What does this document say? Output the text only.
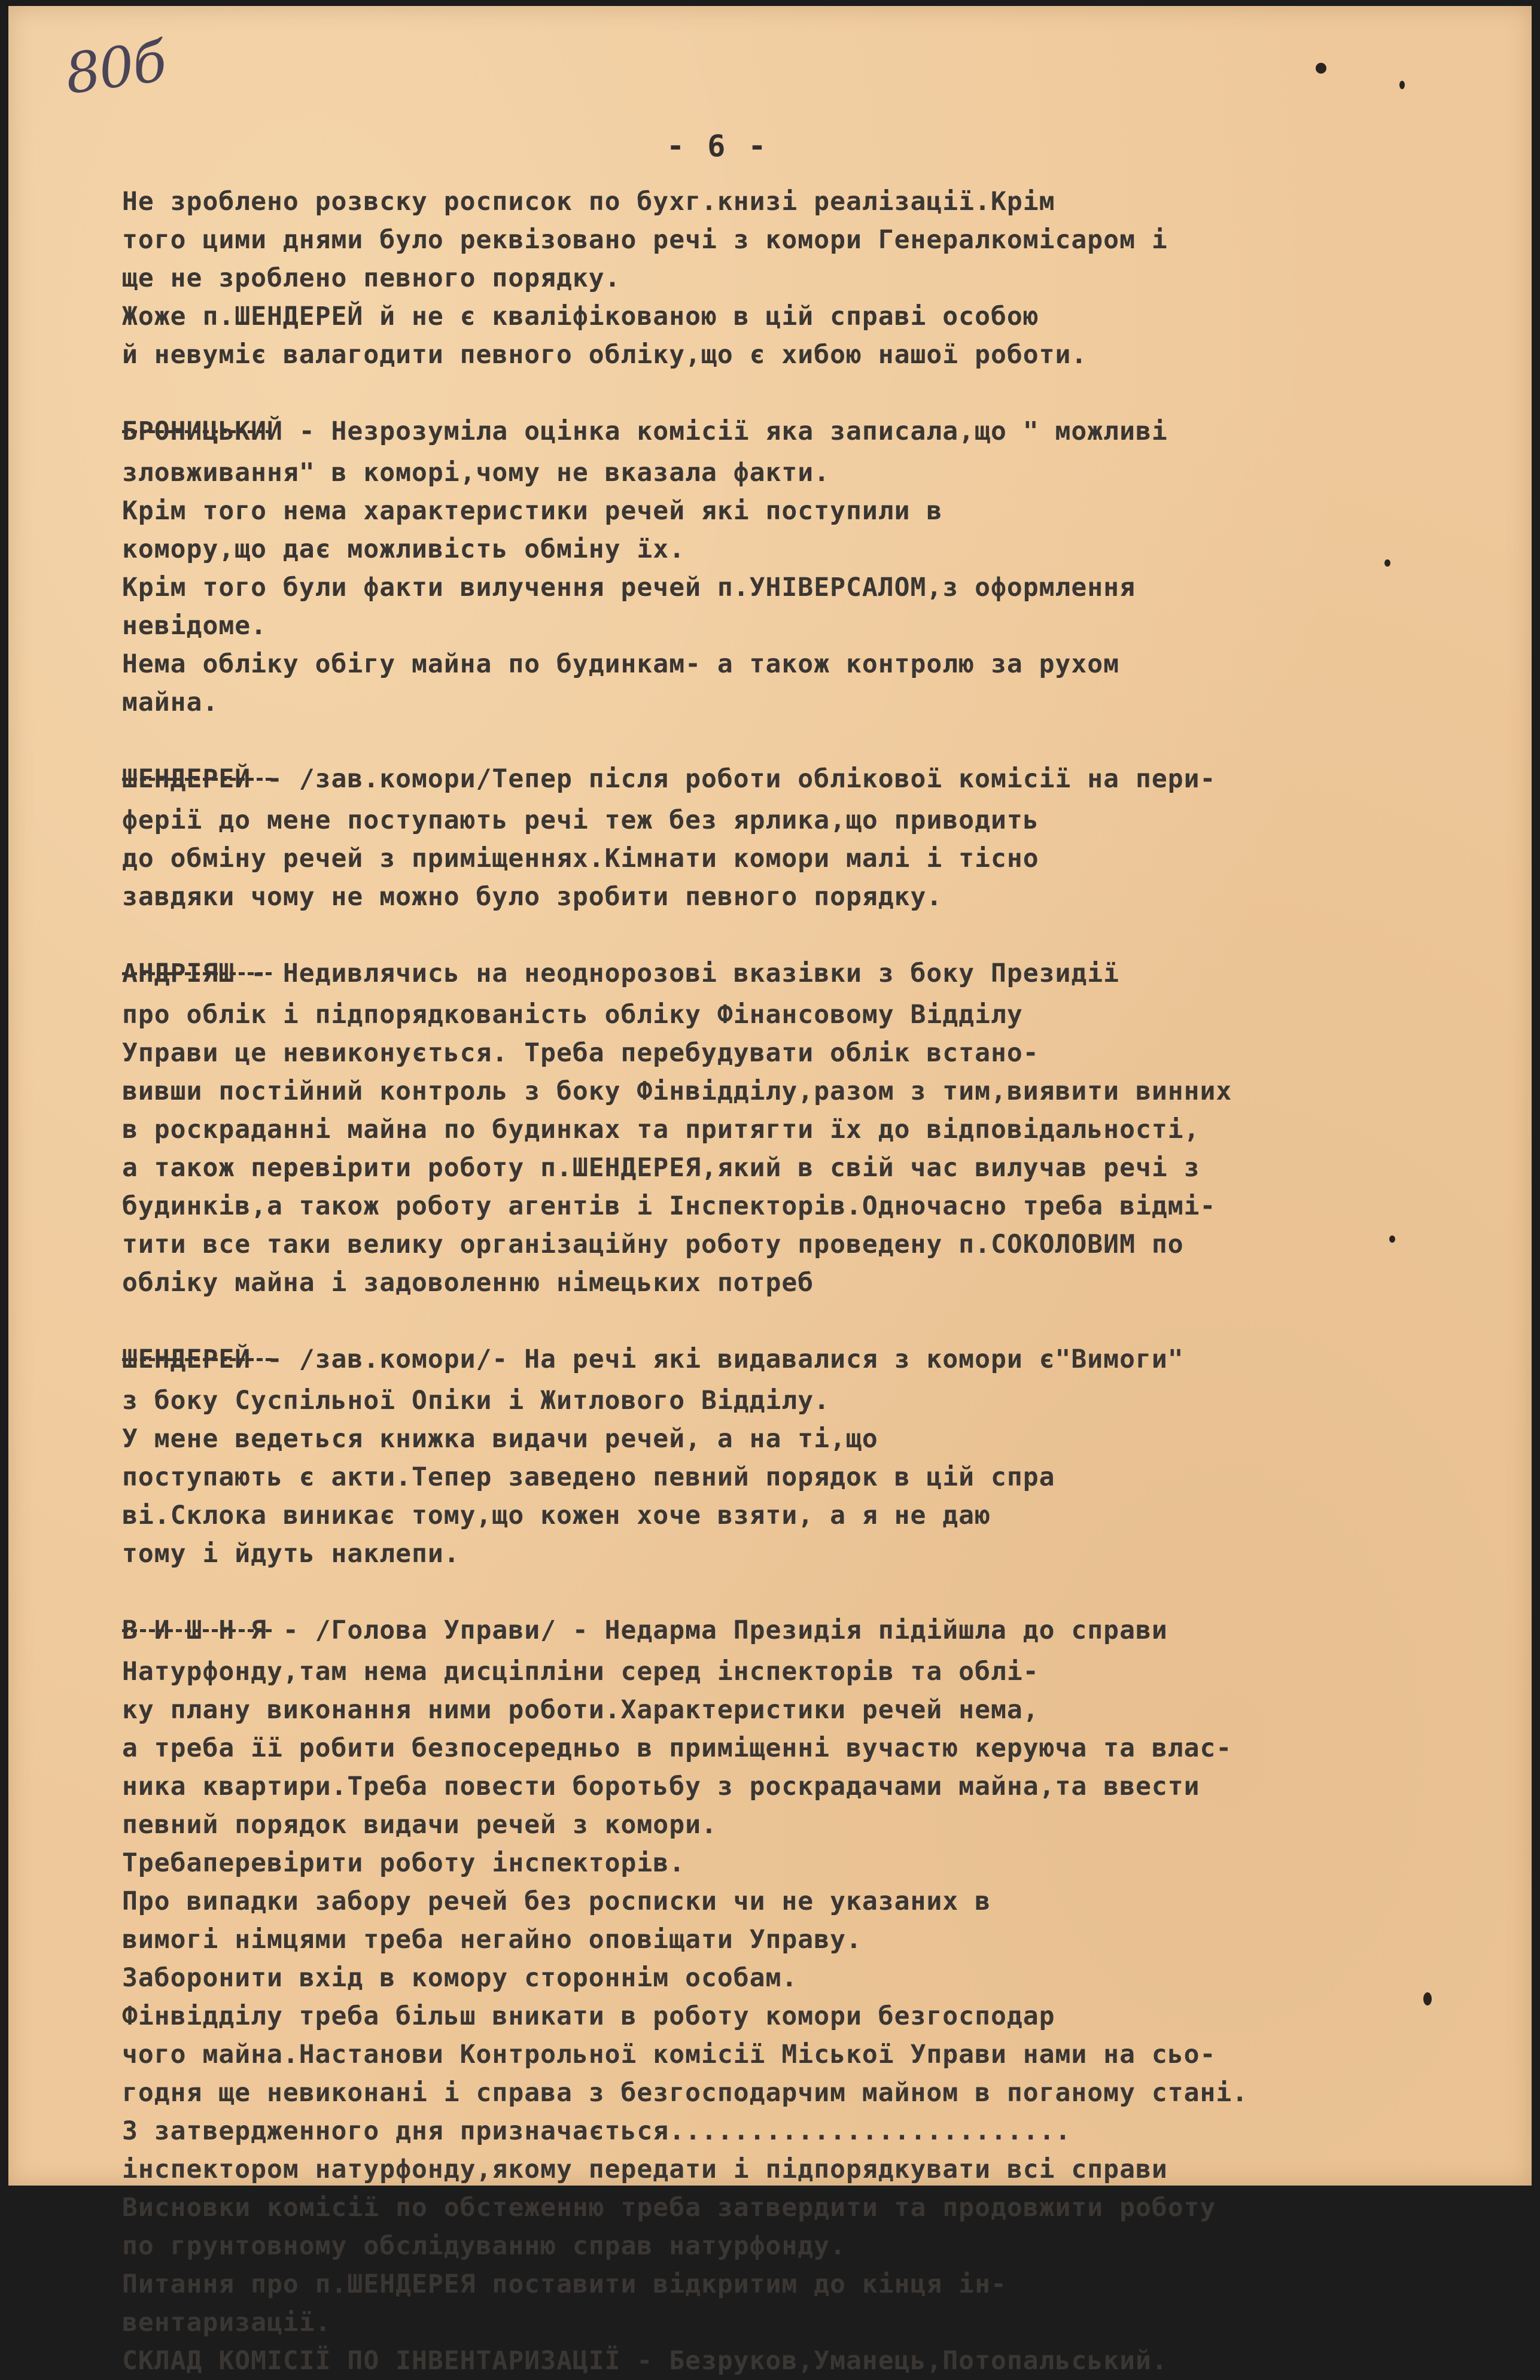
80б
- 6 -
Не зроблено розвску росписок по бухг.книзі реалізації.Крім
того цими днями було реквізовано речі з комори Генералкомісаром і
ще не зроблено певного порядку.
Жоже п.ШЕНДЕРЕЙ й не є кваліфікованою в цій справі особою
й невуміє валагодити певного обліку,що є хибою нашої роботи.
БРОНИЦЬКИЙ - Незрозуміла оцінка комісії яка записала,що " можливі
зловживання" в коморі,чому не вказала факти.
Крім того нема характеристики речей які поступили в
комору,що дає можливість обміну їх.
Крім того були факти вилучення речей п.УНІВЕРСАЛОМ,з оформлення
невідоме.
Нема обліку обігу майна по будинкам- а також контролю за рухом
майна.
ШЕНДЕРЕЙ - /зав.комори/Тепер після роботи облікової комісії на пери-
ферії до мене поступають речі теж без ярлика,що приводить
до обміну речей з приміщеннях.Кімнати комори малі і тісно
завдяки чому не можно було зробити певного порядку.
АНДРІЯШ - Недивлячись на неоднорозові вказівки з боку Президії
про облік і підпорядкованість обліку Фінансовому Відділу
Управи це невиконується. Треба перебудувати облік встано-
вивши постійний контроль з боку Фінвідділу,разом з тим,виявити винних
в роскраданні майна по будинках та притягти їх до відповідальності,
а також перевірити роботу п.ШЕНДЕРЕЯ,який в свій час вилучав речі з
будинків,а також роботу агентів і Інспекторів.Одночасно треба відмі-
тити все таки велику організаційну роботу проведену п.СОКОЛОВИМ по
обліку майна і задоволенню німецьких потреб
ШЕНДЕРЕЙ - /зав.комори/- На речі які видавалися з комори є"Вимоги"
з боку Суспільної Опіки і Житлового Відділу.
У мене ведеться книжка видачи речей, а на ті,що
поступають є акти.Тепер заведено певний порядок в цій спра
ві.Склока виникає тому,що кожен хоче взяти, а я не даю
тому і йдуть наклепи.
В И Ш Н Я - /Голова Управи/ - Недарма Президія підійшла до справи
Натурфонду,там нема дисціпліни серед інспекторів та облі-
ку плану виконання ними роботи.Характеристики речей нема,
а треба її робити безпосередньо в приміщенні вучастю керуюча та влас-
ника квартири.Треба повести боротьбу з роскрадачами майна,та ввести
певний порядок видачи речей з комори.
Требаперевірити роботу інспекторів.
Про випадки забору речей без росписки чи не указаних в
вимогі німцями треба негайно оповіщати Управу.
Заборонити вхід в комору стороннім особам.
Фінвідділу треба більш вникати в роботу комори безгосподар
чого майна.Настанови Контрольної комісії Міської Управи нами на сьо-
годня ще невиконані і справа з безгосподарчим майном в поганому стані.
З затвердженного дня призначається.........................
інспектором натурфонду,якому передати і підпорядкувати всі справи
Висновки комісії по обстеженню треба затвердити та продовжити роботу
по грунтовному обслідуванню справ натурфонду.
Питання про п.ШЕНДЕРЕЯ поставити відкритим до кінця ін-
вентаризації.
СКЛАД КОМІСІЇ ПО ІНВЕНТАРИЗАЦІЇ - Безруков,Уманець,Потопальський.
